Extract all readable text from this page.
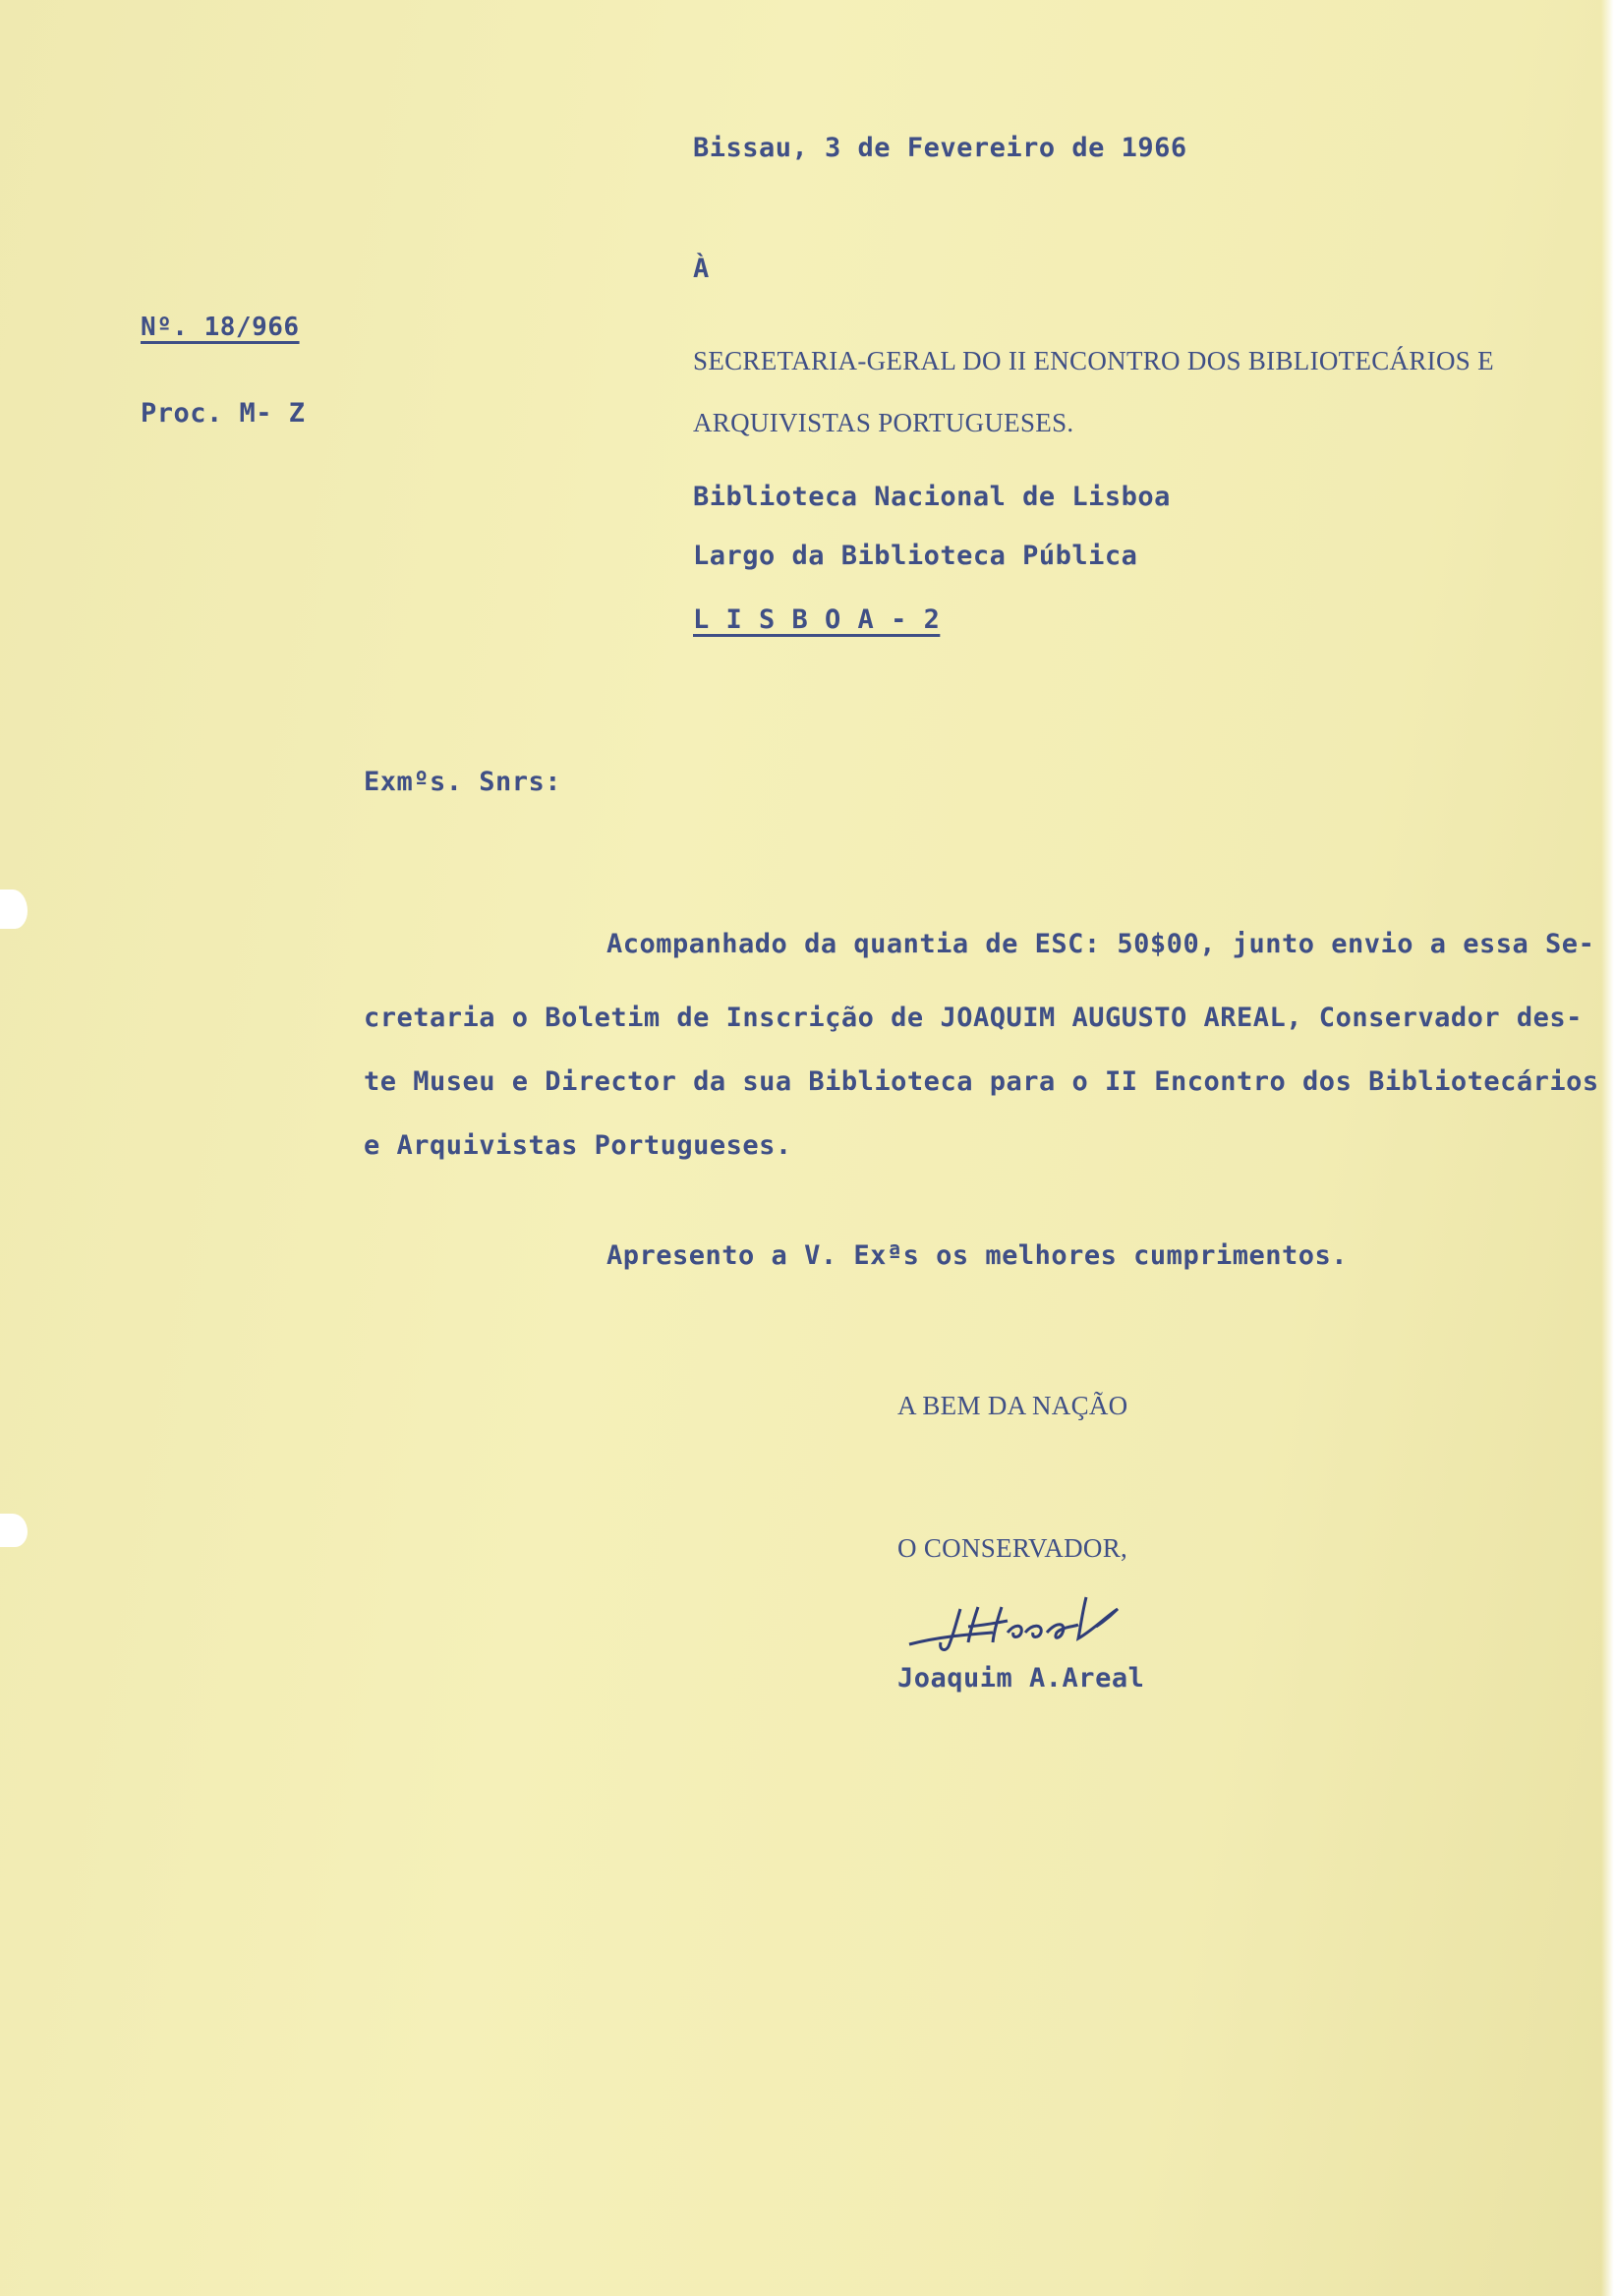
Bissau, 3 de Fevereiro de 1966
À
Nº. 18/966
Proc. M- Z
SECRETARIA-GERAL DO II ENCONTRO DOS BIBLIOTECÁRIOS E
ARQUIVISTAS PORTUGUESES.
Biblioteca Nacional de Lisboa
Largo da Biblioteca Pública
L I S B O A - 2
Exmºs. Snrs:
Acompanhado da quantia de ESC: 50$00, junto envio a essa Se-
cretaria o Boletim de Inscrição de JOAQUIM AUGUSTO AREAL, Conservador des-
te Museu e Director da sua Biblioteca para o II Encontro dos Bibliotecários
e Arquivistas Portugueses.
Apresento a V. Exªs os melhores cumprimentos.
A BEM DA NAÇÃO
O CONSERVADOR,
Joaquim A.Areal
